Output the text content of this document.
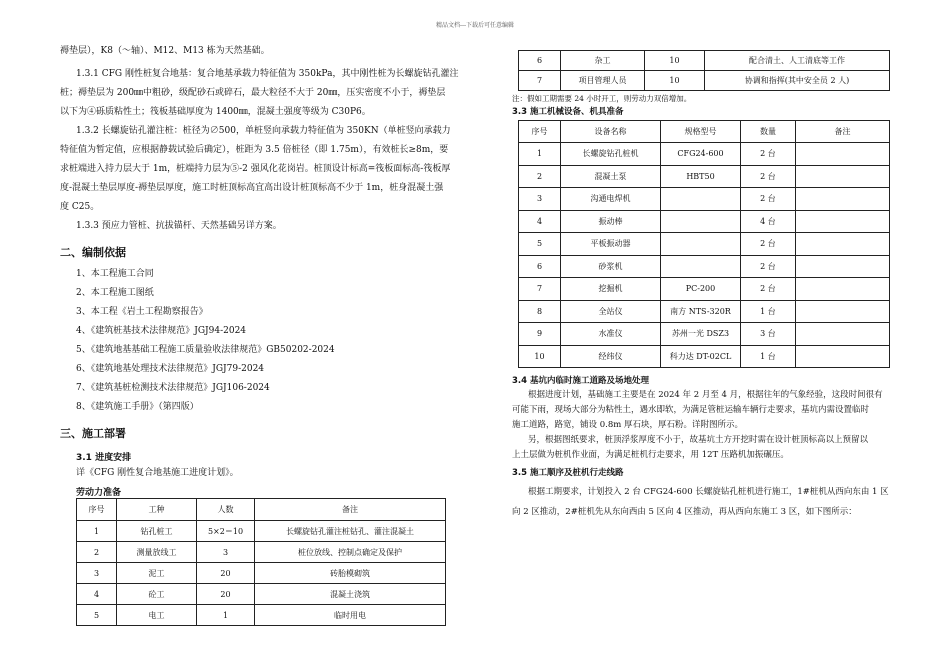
精品文档---下载后可任意编辑
褥垫层），K8（～轴）、M12、M13 栋为天然基础。
1.3.1 CFG 刚性桩复合地基：复合地基承载力特征值为 350kPa，其中刚性桩为长螺旋钻孔灌注
桩；褥垫层为 200㎜中粗砂，级配砂石或碎石，最大粒径不大于 20㎜，压实密度不小于，褥垫层
以下为④砾质粘性土；筏板基础厚度为 1400㎜，混凝土强度等级为 C30P6。
1.3.2 长螺旋钻孔灌注桩：桩径为∅500，单桩竖向承载力特征值为 350KN（单桩竖向承载力
特征值为暂定值，应根据静载试验后确定），桩距为 3.5 倍桩径（即 1.75m），有效桩长≥8m，要
求桩端进入持力层大于 1m，桩端持力层为⑤-2 强风化花岗岩。桩顶设计标高=筏板面标高-筏板厚
度-混凝土垫层厚度-褥垫层厚度，施工时桩顶标高宜高出设计桩顶标高不少于 1m，桩身混凝土强
度 C25。
1.3.3 预应力管桩、抗拔锚杆、天然基础另详方案。
二、编制依据
1、本工程施工合同
2、本工程施工图纸
3、本工程《岩土工程勘察报告》
4、《建筑桩基技术法律规范》JGJ94-2024
5、《建筑地基基础工程施工质量验收法律规范》GB50202-2024
6、《建筑地基处理技术法律规范》JGJ79-2024
7、《建筑基桩检测技术法律规范》JGJ106-2024
8、《建筑施工手册》（第四版）
三、施工部署
3.1 进度安排
详《CFG 刚性复合地基施工进度计划》。
劳动力准备
序号	工种	人数	备注
1	钻孔桩工	5×2＝10	长螺旋钻孔灌注桩钻孔、灌注混凝土
2	测量放线工	3	桩位放线、控制点确定及保护
3	泥工	20	砖胎模砌筑
4	砼工	20	混凝土浇筑
5	电工	1	临时用电
6	杂工	10	配合清土、人工清底等工作
7	项目管理人员	10	协调和指挥(其中安全员 2 人)
注：假如工期需要 24 小时开工，则劳动力双倍增加。
3.3 施工机械设备、机具准备
序号	设备名称	规格型号	数量	备注
1	长螺旋钻孔桩机	CFG24-600	2 台	
2	混凝土泵	HBT50	2 台	
3	沟通电焊机		2 台	
4	振动棒		4 台	
5	平板振动器		2 台	
6	砂浆机		2 台	
7	挖掘机	PC-200	2 台	
8	全站仪	南方 NTS-320R	1 台	
9	水准仪	苏州一光 DSZ3	3 台	
10	经纬仪	科力达 DT-02CL	1 台	
3.4 基坑内临时施工道路及场地处理
根据进度计划，基础施工主要是在 2024 年 2 月至 4 月，根据往年的气象经验，这段时间很有
可能下雨，现场大部分为粘性土，遇水即软，为满足管桩运输车辆行走要求，基坑内需设置临时
施工道路，路宽，铺设 0.8m 厚石块，厚石粉。详附图所示。
另，根据图纸要求，桩顶浮浆厚度不小于，故基坑土方开挖时需在设计桩顶标高以上预留以
上土层做为桩机作业面，为满足桩机行走要求，用 12T 压路机加振碾压。
3.5 施工顺序及桩机行走线路
根据工期要求，计划投入 2 台 CFG24-600 长螺旋钻孔桩机进行施工，1#桩机从西向东由 1 区
向 2 区推动，2#桩机先从东向西由 5 区向 4 区推动，再从西向东施工 3 区，如下图所示：
